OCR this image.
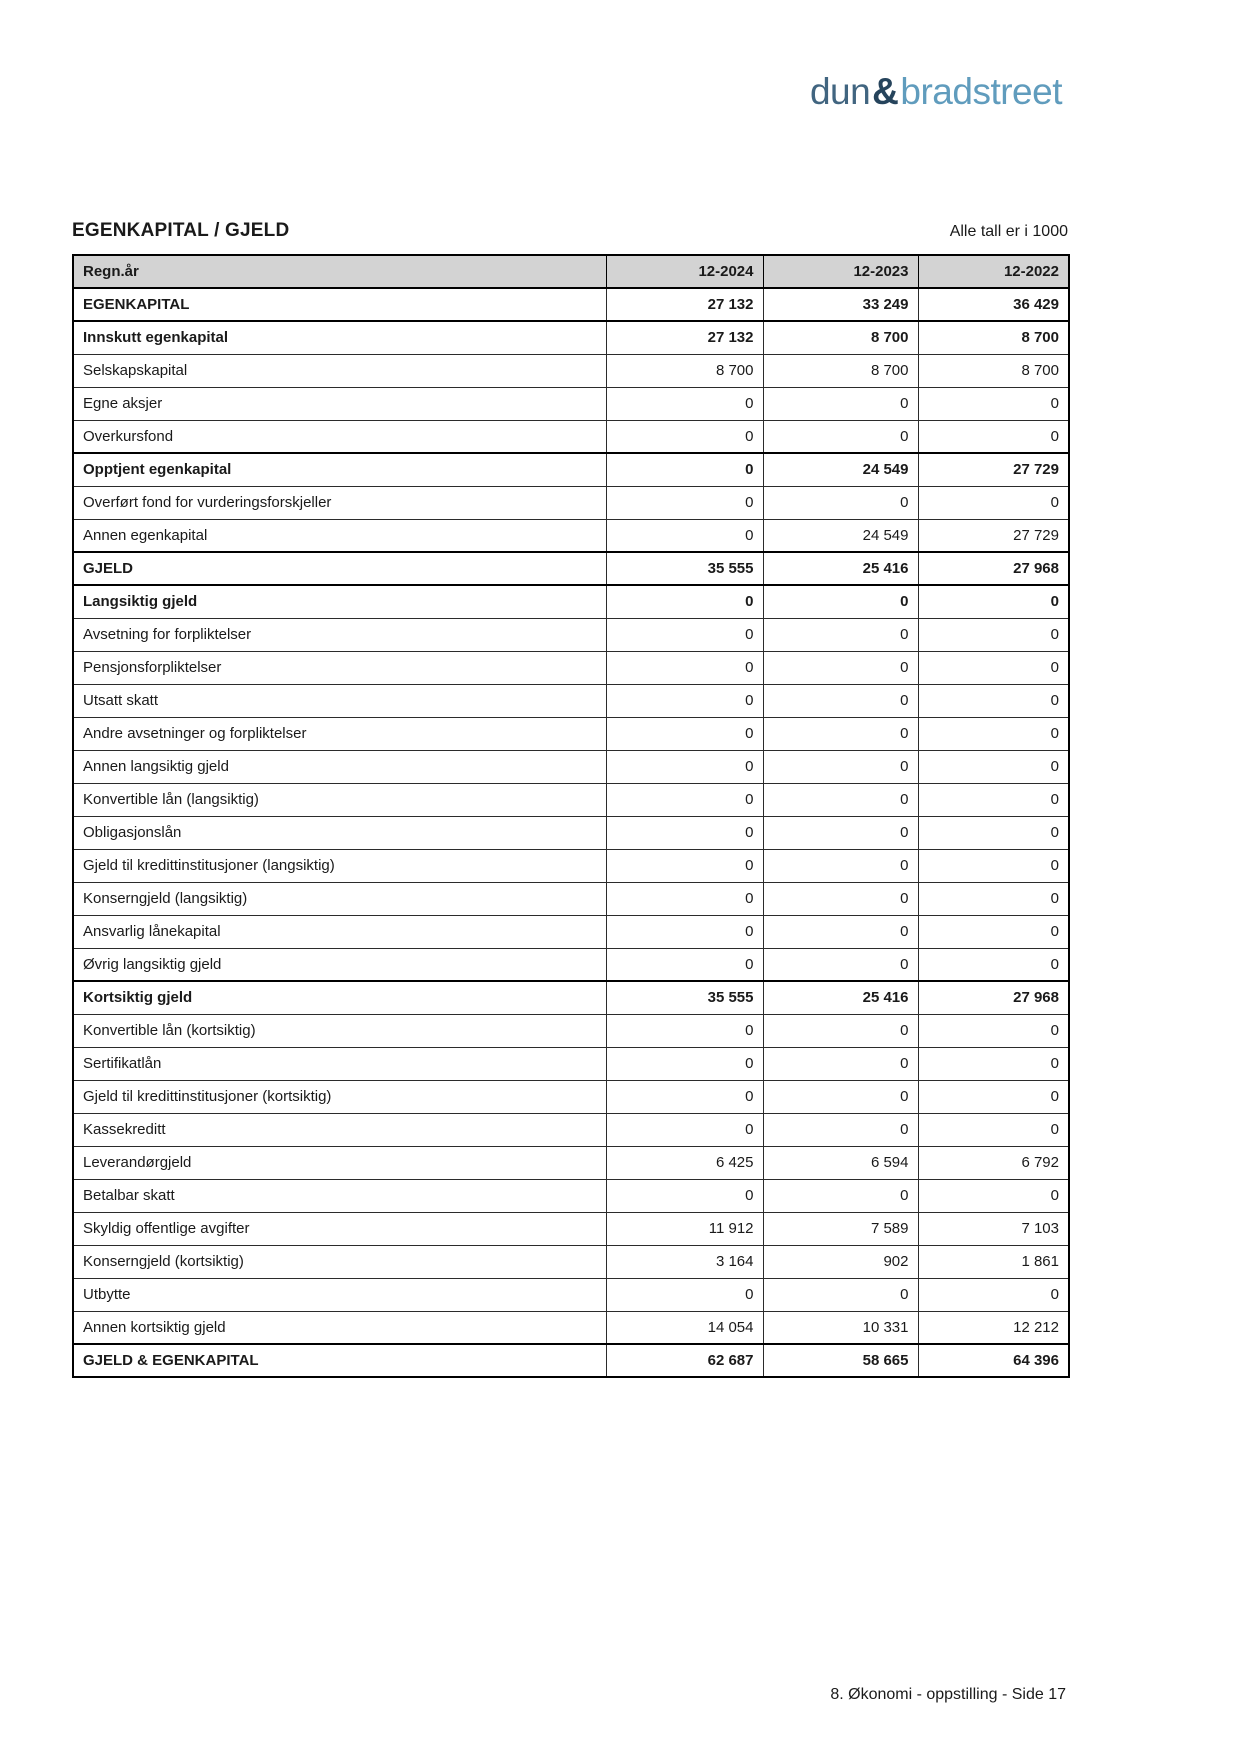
dun&bradstreet
EGENKAPITAL / GJELD	Alle tall er i 1000
Regn.år	12-2024	12-2023	12-2022
EGENKAPITAL	27 132	33 249	36 429
Innskutt egenkapital	27 132	8 700	8 700
Selskapskapital	8 700	8 700	8 700
Egne aksjer	0	0	0
Overkursfond	0	0	0
Opptjent egenkapital	0	24 549	27 729
Overført fond for vurderingsforskjeller	0	0	0
Annen egenkapital	0	24 549	27 729
GJELD	35 555	25 416	27 968
Langsiktig gjeld	0	0	0
Avsetning for forpliktelser	0	0	0
Pensjonsforpliktelser	0	0	0
Utsatt skatt	0	0	0
Andre avsetninger og forpliktelser	0	0	0
Annen langsiktig gjeld	0	0	0
Konvertible lån (langsiktig)	0	0	0
Obligasjonslån	0	0	0
Gjeld til kredittinstitusjoner (langsiktig)	0	0	0
Konserngjeld (langsiktig)	0	0	0
Ansvarlig lånekapital	0	0	0
Øvrig langsiktig gjeld	0	0	0
Kortsiktig gjeld	35 555	25 416	27 968
Konvertible lån (kortsiktig)	0	0	0
Sertifikatlån	0	0	0
Gjeld til kredittinstitusjoner (kortsiktig)	0	0	0
Kassekreditt	0	0	0
Leverandørgjeld	6 425	6 594	6 792
Betalbar skatt	0	0	0
Skyldig offentlige avgifter	11 912	7 589	7 103
Konserngjeld (kortsiktig)	3 164	902	1 861
Utbytte	0	0	0
Annen kortsiktig gjeld	14 054	10 331	12 212
GJELD & EGENKAPITAL	62 687	58 665	64 396
8. Økonomi - oppstilling - Side 17
